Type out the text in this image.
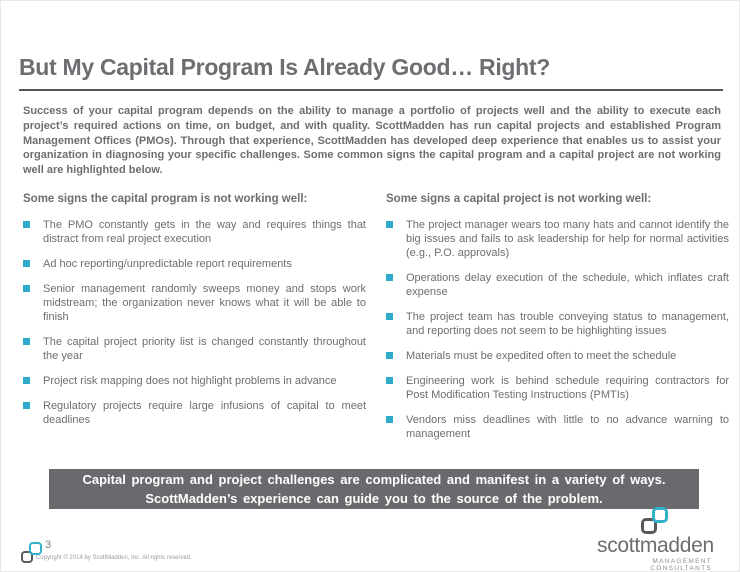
But My Capital Program Is Already Good… Right?

Success of your capital program depends on the ability to manage a portfolio of projects well and the ability to execute each project’s required actions on time, on budget, and with quality. ScottMadden has run capital projects and established Program Management Offices (PMOs). Through that experience, ScottMadden has developed deep experience that enables us to assist your organization in diagnosing your specific challenges. Some common signs the capital program and a capital project are not working well are highlighted below.

Some signs the capital program is not working well:
The PMO constantly gets in the way and requires things that distract from real project execution
Ad hoc reporting/unpredictable report requirements
Senior management randomly sweeps money and stops work midstream; the organization never knows what it will be able to finish
The capital project priority list is changed constantly throughout the year
Project risk mapping does not highlight problems in advance
Regulatory projects require large infusions of capital to meet deadlines
Some signs a capital project is not working well:
The project manager wears too many hats and cannot identify the big issues and fails to ask leadership for help for normal activities (e.g., P.O. approvals)
Operations delay execution of the schedule, which inflates craft expense
The project team has trouble conveying status to management, and reporting does not seem to be highlighting issues
Materials must be expedited often to meet the schedule
Engineering work is behind schedule requiring contractors for Post Modification Testing Instructions (PMTIs)
Vendors miss deadlines with little to no advance warning to management
Capital program and project challenges are complicated and manifest in a variety of ways. ScottMadden’s experience can guide you to the source of the problem.
3
Copyright © 2014 by ScottMadden, Inc. All rights reserved.
scottmadden
MANAGEMENT CONSULTANTS
